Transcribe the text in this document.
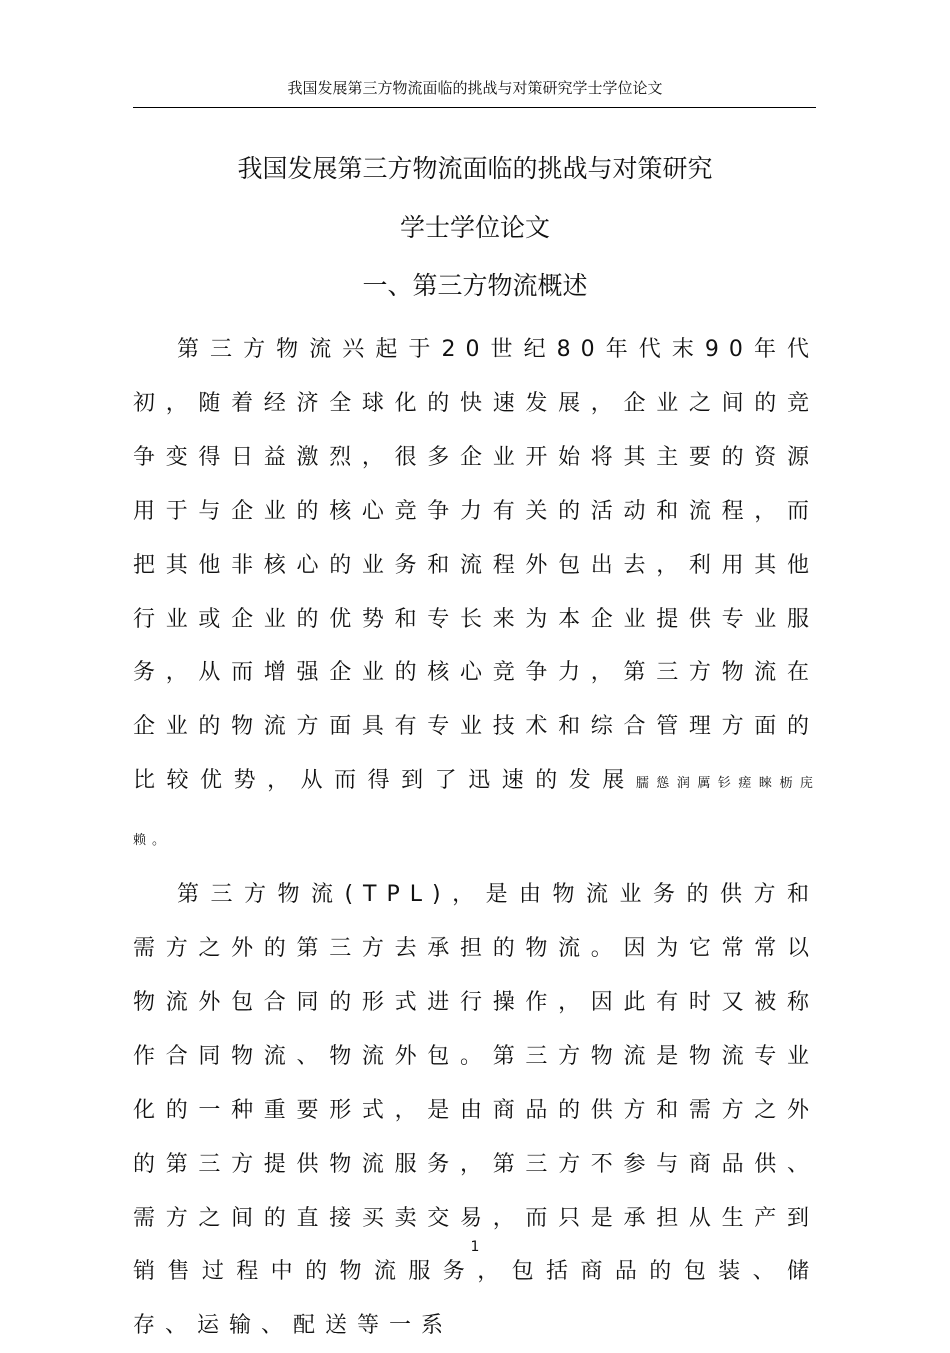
我国发展第三方物流面临的挑战与对策研究学士学位论文
我国发展第三方物流面临的挑战与对策研究
学士学位论文
一、第三方物流概述

第三方物流兴起于20世纪80年代末90年代初，随着经济全球化的快速发展，企业之间的竞争变得日益激烈，很多企业开始将其主要的资源用于与企业的核心竞争力有关的活动和流程，而把其他非核心的业务和流程外包出去，利用其他行业或企业的优势和专长来为本企业提供专业服务，从而增强企业的核心竞争力，第三方物流在企业的物流方面具有专业技术和综合管理方面的比较优势，从而得到了迅速的发展臑慫润厲钐瘥睞枥庑赖。

第三方物流(TPL)，是由物流业务的供方和需方之外的第三方去承担的物流。因为它常常以物流外包合同的形式进行操作，因此有时又被称作合同物流、物流外包。第三方物流是物流专业化的一种重要形式，是由商品的供方和需方之外的第三方提供物流服务，第三方不参与商品供、需方之间的直接买卖交易，而只是承担从生产到销售过程中的物流服务，包括商品的包装、储存、运输、配送等一系

1
